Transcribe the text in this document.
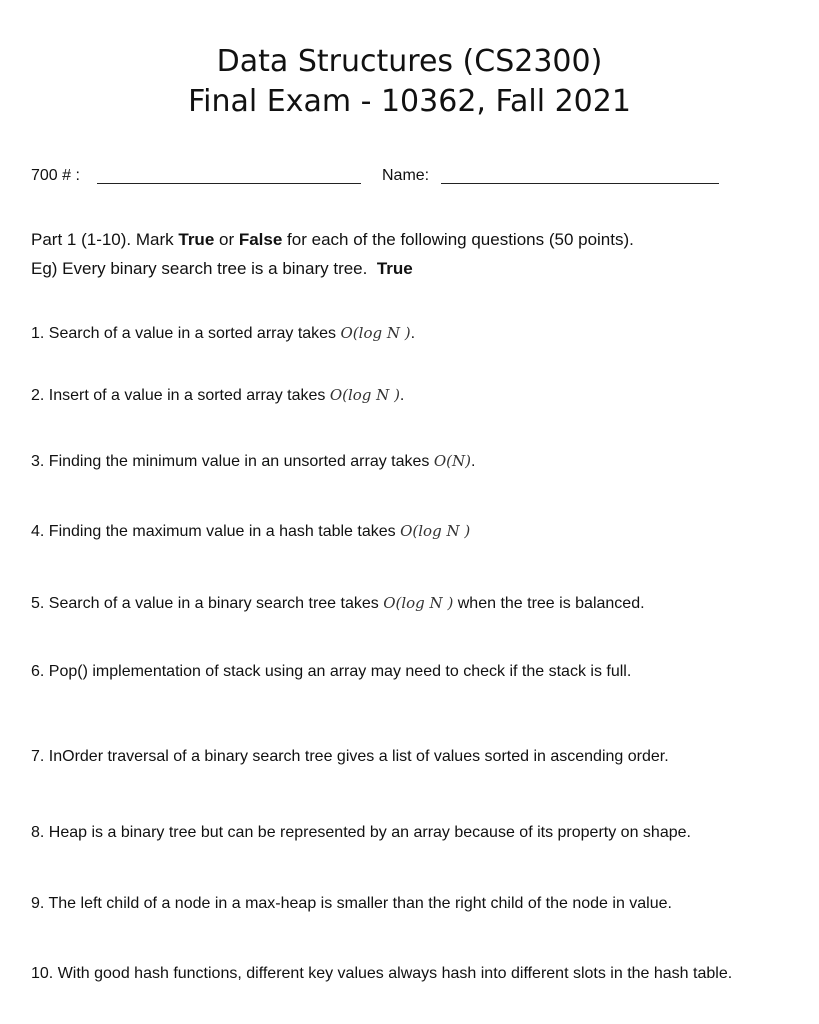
Data Structures (CS2300)
Final Exam - 10362, Fall 2021
700 # :	Name:
Part 1 (1-10). Mark True or False for each of the following questions (50 points).
Eg) Every binary search tree is a binary tree. True
1. Search of a value in a sorted array takes O(log N ).
2. Insert of a value in a sorted array takes O(log N ).
3. Finding the minimum value in an unsorted array takes O(N).
4. Finding the maximum value in a hash table takes O(log N )
5. Search of a value in a binary search tree takes O(log N ) when the tree is balanced.
6. Pop() implementation of stack using an array may need to check if the stack is full.
7. InOrder traversal of a binary search tree gives a list of values sorted in ascending order.
8. Heap is a binary tree but can be represented by an array because of its property on shape.
9. The left child of a node in a max-heap is smaller than the right child of the node in value.
10. With good hash functions, different key values always hash into different slots in the hash table.
